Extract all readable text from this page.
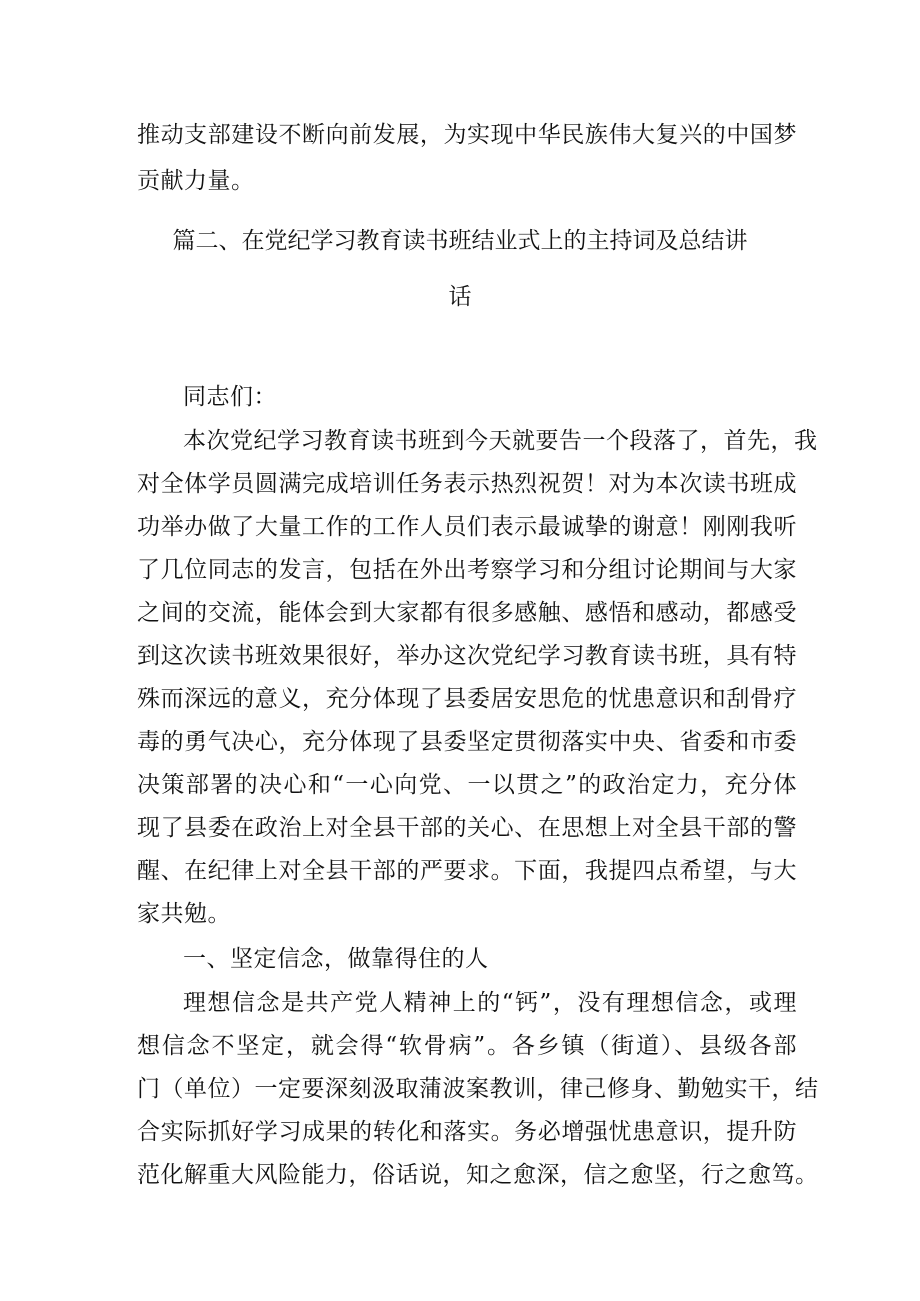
推动支部建设不断向前发展，为实现中华民族伟大复兴的中国梦
贡献力量。
篇二、在党纪学习教育读书班结业式上的主持词及总结讲
话
同志们：
本次党纪学习教育读书班到今天就要告一个段落了，首先，我
对全体学员圆满完成培训任务表示热烈祝贺！对为本次读书班成
功举办做了大量工作的工作人员们表示最诚挚的谢意！刚刚我听
了几位同志的发言，包括在外出考察学习和分组讨论期间与大家
之间的交流，能体会到大家都有很多感触、感悟和感动，都感受
到这次读书班效果很好，举办这次党纪学习教育读书班，具有特
殊而深远的意义，充分体现了县委居安思危的忧患意识和刮骨疗
毒的勇气决心，充分体现了县委坚定贯彻落实中央、省委和市委
决策部署的决心和“一心向党、一以贯之”的政治定力，充分体
现了县委在政治上对全县干部的关心、在思想上对全县干部的警
醒、在纪律上对全县干部的严要求。下面，我提四点希望，与大
家共勉。
一、坚定信念，做靠得住的人
理想信念是共产党人精神上的“钙”，没有理想信念，或理
想信念不坚定，就会得“软骨病”。各乡镇（街道）、县级各部
门（单位）一定要深刻汲取蒲波案教训，律己修身、勤勉实干，结
合实际抓好学习成果的转化和落实。务必增强忧患意识，提升防
范化解重大风险能力，俗话说，知之愈深，信之愈坚，行之愈笃。
